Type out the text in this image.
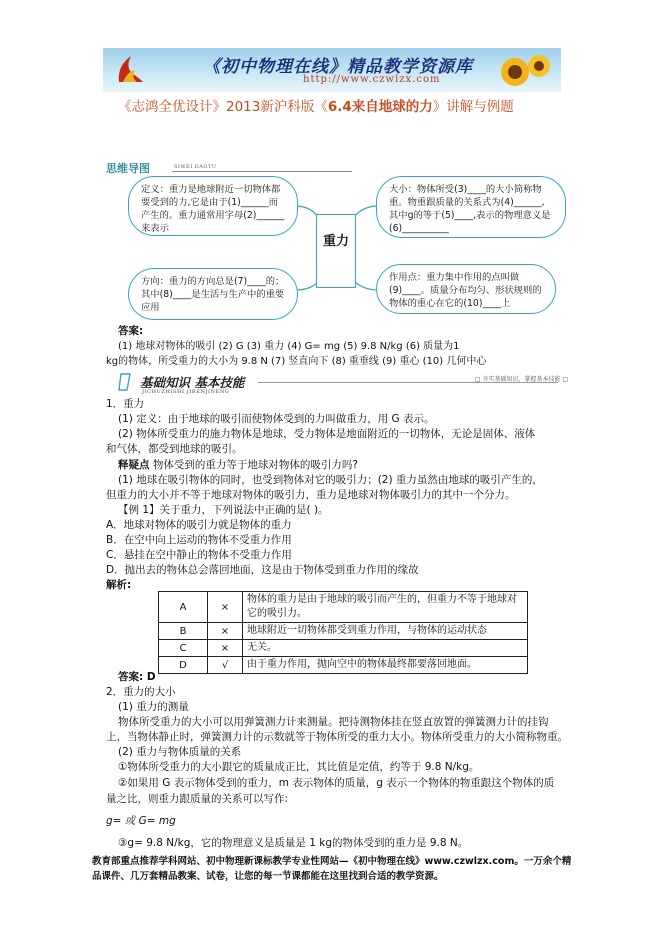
《初中物理在线》精品教学资源库
http://www.czwlzx.com
《志鸿全优设计》2013新沪科版《6.4来自地球的力》讲解与例题
思维导图	SIWEI DAOTU
定义：重力是地球附近一切物体都要受到的力,它是由于(1)______而产生的。重力通常用字母(2)______来表示
方向：重力的方向总是(7)____的；其中(8)____是生活与生产中的重要应用
重力
大小：物体所受(3)____的大小简称物重。物重跟质量的关系式为(4)______,其中g的等于(5)____,表示的物理意义是(6)__________
作用点：重力集中作用的点叫做(9)____。质量分布均匀、形状规则的物体的重心在它的(10)____上
答案:
(1) 地球对物体的吸引 (2) G (3) 重力 (4) G= mg (5) 9.8 N/kg (6) 质量为1
kg的物体，所受重力的大小为 9.8 N (7) 竖直向下 (8) 重垂线 (9) 重心 (10) 几何中心
基础知识 基本技能
JICHUZHISHI JIBENJINENG
□ 夯实基础知识，掌握基本技能 □
1．重力
(1) 定义：由于地球的吸引而使物体受到的力叫做重力，用 G 表示。
(2) 物体所受重力的施力物体是地球，受力物体是地面附近的一切物体，无论是固体、液体
和气体，都受到地球的吸引。
释疑点 物体受到的重力等于地球对物体的吸引力吗?
(1) 地球在吸引物体的同时，也受到物体对它的吸引力；(2) 重力虽然由地球的吸引产生的，
但重力的大小并不等于地球对物体的吸引力，重力是地球对物体吸引力的其中一个分力。
【例 1】关于重力，下列说法中正确的是( )。
A．地球对物体的吸引力就是物体的重力
B．在空中向上运动的物体不受重力作用
C．悬挂在空中静止的物体不受重力作用
D．抛出去的物体总会落回地面，这是由于物体受到重力作用的缘故
解析:
A	×	物体的重力是由于地球的吸引而产生的，但重力不等于地球对它的吸引力。
B	×	地球附近一切物体都受到重力作用，与物体的运动状态
C	×	无关。
D	√	由于重力作用，抛向空中的物体最终都要落回地面。
答案: D
2．重力的大小
(1) 重力的测量
物体所受重力的大小可以用弹簧测力计来测量。把待测物体挂在竖直放置的弹簧测力计的挂钩
上，当物体静止时，弹簧测力计的示数就等于物体所受的重力大小。物体所受重力的大小简称物重。
(2) 重力与物体质量的关系
①物体所受重力的大小跟它的质量成正比，其比值是定值，约等于 9.8 N/kg。
②如果用 G 表示物体受到的重力，m 表示物体的质量，g 表示一个物体的物重跟这个物体的质
量之比，则重力跟质量的关系可以写作:
g= 或 G= mg
③g= 9.8 N/kg，它的物理意义是质量是 1 kg的物体受到的重力是 9.8 N。
教育部重点推荐学科网站、初中物理新课标教学专业性网站—《初中物理在线》www.czwlzx.com。一万余个精品课件、几万套精品教案、试卷，让您的每一节课都能在这里找到合适的教学资源。
